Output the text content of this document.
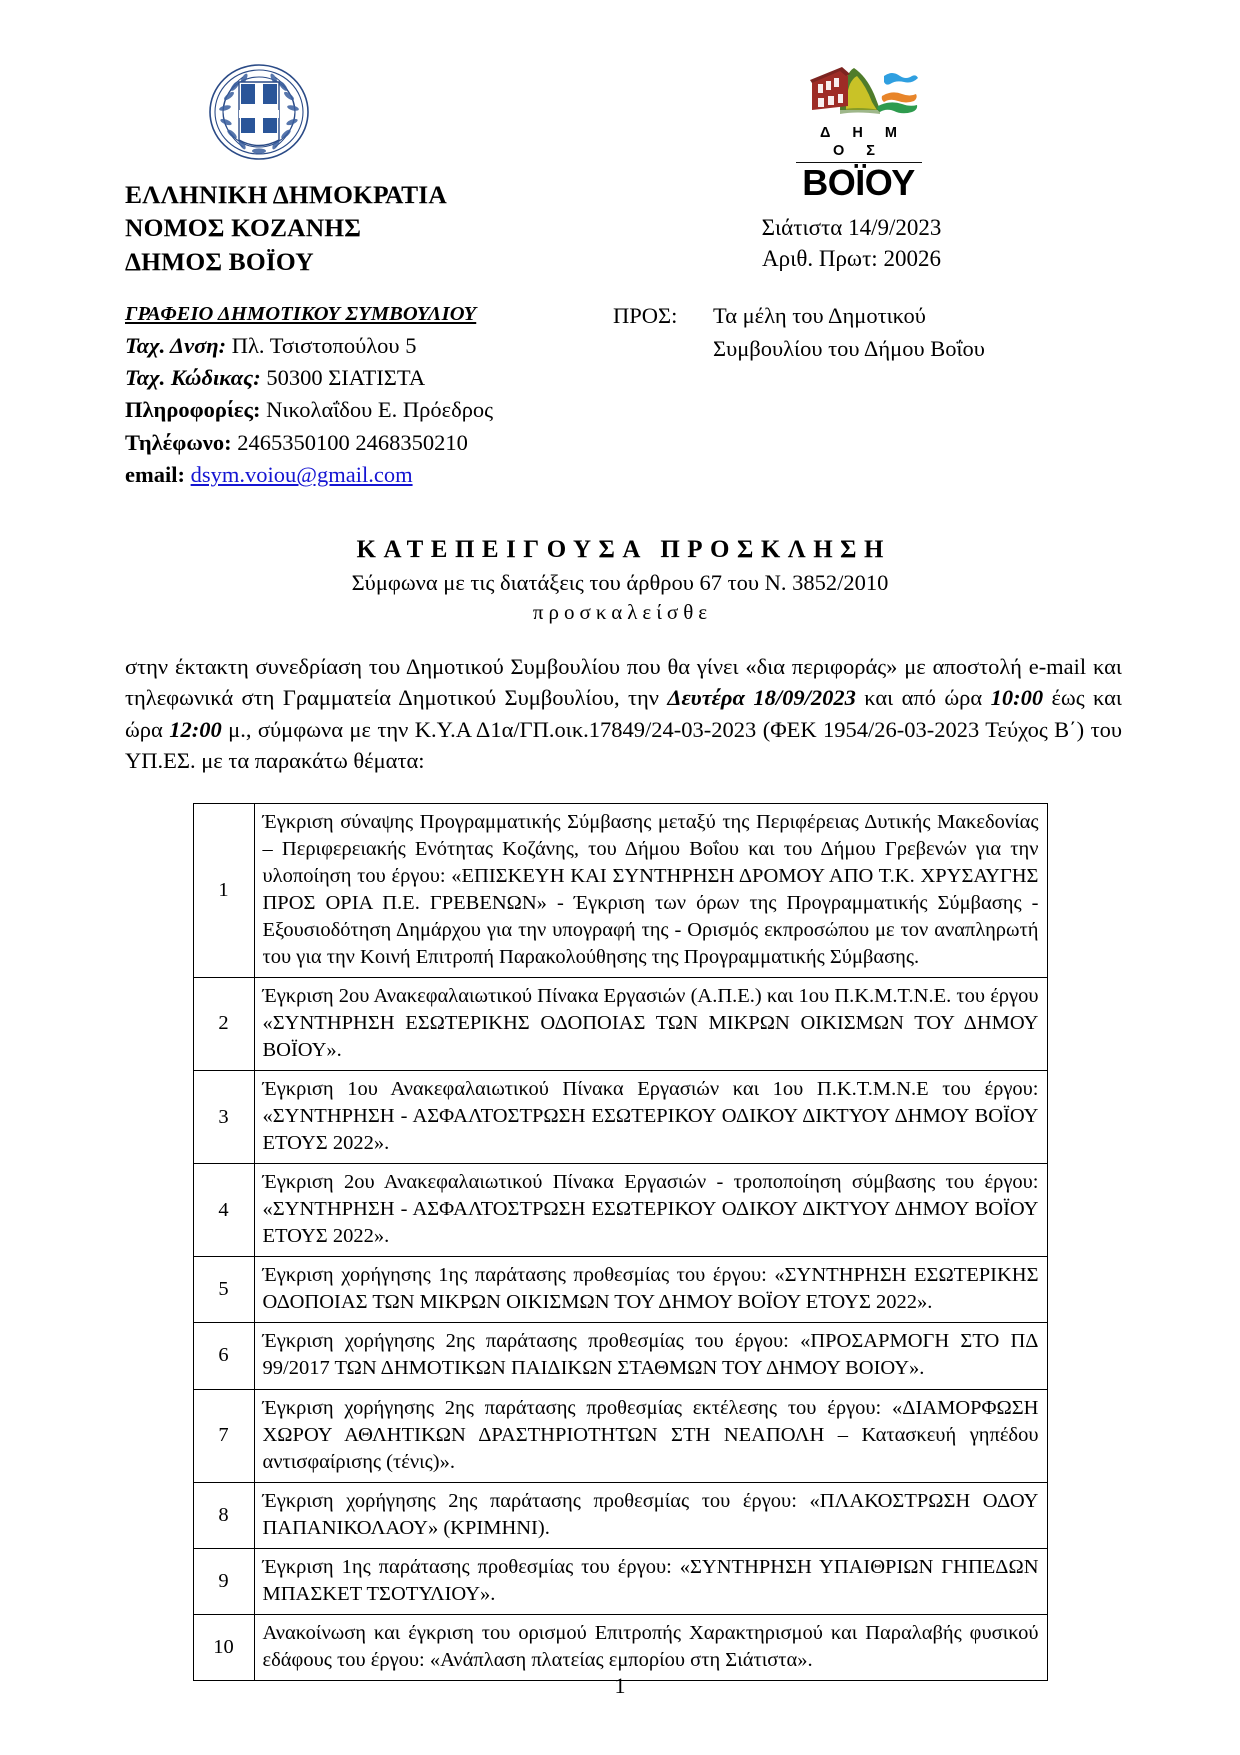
ΕΛΛΗΝΙΚΗ ΔΗΜΟΚΡΑΤΙΑ
ΝΟΜΟΣ ΚΟΖΑΝΗΣ
ΔΗΜΟΣ ΒΟΪΟΥ
Δ Η Μ Ο Σ
ΒΟΪΟΥ
Σιάτιστα 14/9/2023
Αριθ. Πρωτ: 20026
ΓΡΑΦΕΙΟ ΔΗΜΟΤΙΚΟΥ ΣΥΜΒΟΥΛΙΟΥ
Ταχ. Δνση: Πλ. Τσιστοπούλου 5
Ταχ. Κώδικας: 50300 ΣΙΑΤΙΣΤΑ
Πληροφορίες: Νικολαΐδου Ε. Πρόεδρος
Τηλέφωνο: 2465350100 2468350210
email: dsym.voiou@gmail.com
ΠΡΟΣ:	Τα μέλη του Δημοτικού
Συμβουλίου του Δήμου Βοΐου
ΚΑΤΕΠΕΙΓΟΥΣΑ ΠΡΟΣΚΛΗΣΗ
Σύμφωνα με τις διατάξεις του άρθρου 67 του Ν. 3852/2010
προσκαλείσθε

στην έκτακτη συνεδρίαση του Δημοτικού Συμβουλίου που θα γίνει «δια περιφοράς» με αποστολή e-mail και τηλεφωνικά στη Γραμματεία Δημοτικού Συμβουλίου, την Δευτέρα 18/09/2023 και από ώρα 10:00 έως και ώρα 12:00 μ., σύμφωνα με την Κ.Υ.Α Δ1α/ΓΠ.οικ.17849/24-03-2023 (ΦΕΚ 1954/26-03-2023 Τεύχος Β΄) του ΥΠ.ΕΣ. με τα παρακάτω θέματα:

1	Έγκριση σύναψης Προγραμματικής Σύμβασης μεταξύ της Περιφέρειας Δυτικής Μακεδονίας – Περιφερειακής Ενότητας Κοζάνης, του Δήμου Βοΐου και του Δήμου Γρεβενών για την υλοποίηση του έργου: «ΕΠΙΣΚΕΥΗ ΚΑΙ ΣΥΝΤΗΡΗΣΗ ΔΡΟΜΟΥ ΑΠΟ Τ.Κ. ΧΡΥΣΑΥΓΗΣ ΠΡΟΣ ΟΡΙΑ Π.Ε. ΓΡΕΒΕΝΩΝ» - Έγκριση των όρων της Προγραμματικής Σύμβασης - Εξουσιοδότηση Δημάρχου για την υπογραφή της - Ορισμός εκπροσώπου με τον αναπληρωτή του για την Κοινή Επιτροπή Παρακολούθησης της Προγραμματικής Σύμβασης.
2	Έγκριση 2ου Ανακεφαλαιωτικού Πίνακα Εργασιών (Α.Π.Ε.) και 1ου Π.Κ.Μ.Τ.Ν.Ε. του έργου «ΣΥΝΤΗΡΗΣΗ ΕΣΩΤΕΡΙΚΗΣ ΟΔΟΠΟΙΑΣ ΤΩΝ ΜΙΚΡΩΝ ΟΙΚΙΣΜΩΝ ΤΟΥ ΔΗΜΟΥ ΒΟΪΟΥ».
3	Έγκριση 1ου Ανακεφαλαιωτικού Πίνακα Εργασιών και 1ου Π.Κ.Τ.Μ.Ν.Ε του έργου: «ΣΥΝΤΗΡΗΣΗ - ΑΣΦΑΛΤΟΣΤΡΩΣΗ ΕΣΩΤΕΡΙΚΟΥ ΟΔΙΚΟΥ ΔΙΚΤΥΟΥ ΔΗΜΟΥ ΒΟΪΟΥ ΕΤΟΥΣ 2022».
4	Έγκριση 2ου Ανακεφαλαιωτικού Πίνακα Εργασιών - τροποποίηση σύμβασης του έργου: «ΣΥΝΤΗΡΗΣΗ - ΑΣΦΑΛΤΟΣΤΡΩΣΗ ΕΣΩΤΕΡΙΚΟΥ ΟΔΙΚΟΥ ΔΙΚΤΥΟΥ ΔΗΜΟΥ ΒΟΪΟΥ ΕΤΟΥΣ 2022».
5	Έγκριση χορήγησης 1ης παράτασης προθεσμίας του έργου: «ΣΥΝΤΗΡΗΣΗ ΕΣΩΤΕΡΙΚΗΣ ΟΔΟΠΟΙΑΣ ΤΩΝ ΜΙΚΡΩΝ ΟΙΚΙΣΜΩΝ ΤΟΥ ΔΗΜΟΥ ΒΟΪΟΥ ΕΤΟΥΣ 2022».
6	Έγκριση χορήγησης 2ης παράτασης προθεσμίας του έργου: «ΠΡΟΣΑΡΜΟΓΗ ΣΤΟ ΠΔ 99/2017 ΤΩΝ ΔΗΜΟΤΙΚΩΝ ΠΑΙΔΙΚΩΝ ΣΤΑΘΜΩΝ ΤΟΥ ΔΗΜΟΥ ΒΟΙΟΥ».
7	Έγκριση χορήγησης 2ης παράτασης προθεσμίας εκτέλεσης του έργου: «ΔΙΑΜΟΡΦΩΣΗ ΧΩΡΟΥ ΑΘΛΗΤΙΚΩΝ ΔΡΑΣΤΗΡΙΟΤΗΤΩΝ ΣΤΗ ΝΕΑΠΟΛΗ – Κατασκευή γηπέδου αντισφαίρισης (τένις)».
8	Έγκριση χορήγησης 2ης παράτασης προθεσμίας του έργου: «ΠΛΑΚΟΣΤΡΩΣΗ ΟΔΟΥ ΠΑΠΑΝΙΚΟΛΑΟΥ» (ΚΡΙΜΗΝΙ).
9	Έγκριση 1ης παράτασης προθεσμίας του έργου: «ΣΥΝΤΗΡΗΣΗ ΥΠΑΙΘΡΙΩΝ ΓΗΠΕΔΩΝ ΜΠΑΣΚΕΤ ΤΣΟΤΥΛΙΟΥ».
10	Ανακοίνωση και έγκριση του ορισμού Επιτροπής Χαρακτηρισμού και Παραλαβής φυσικού εδάφους του έργου: «Ανάπλαση πλατείας εμπορίου στη Σιάτιστα».
1
